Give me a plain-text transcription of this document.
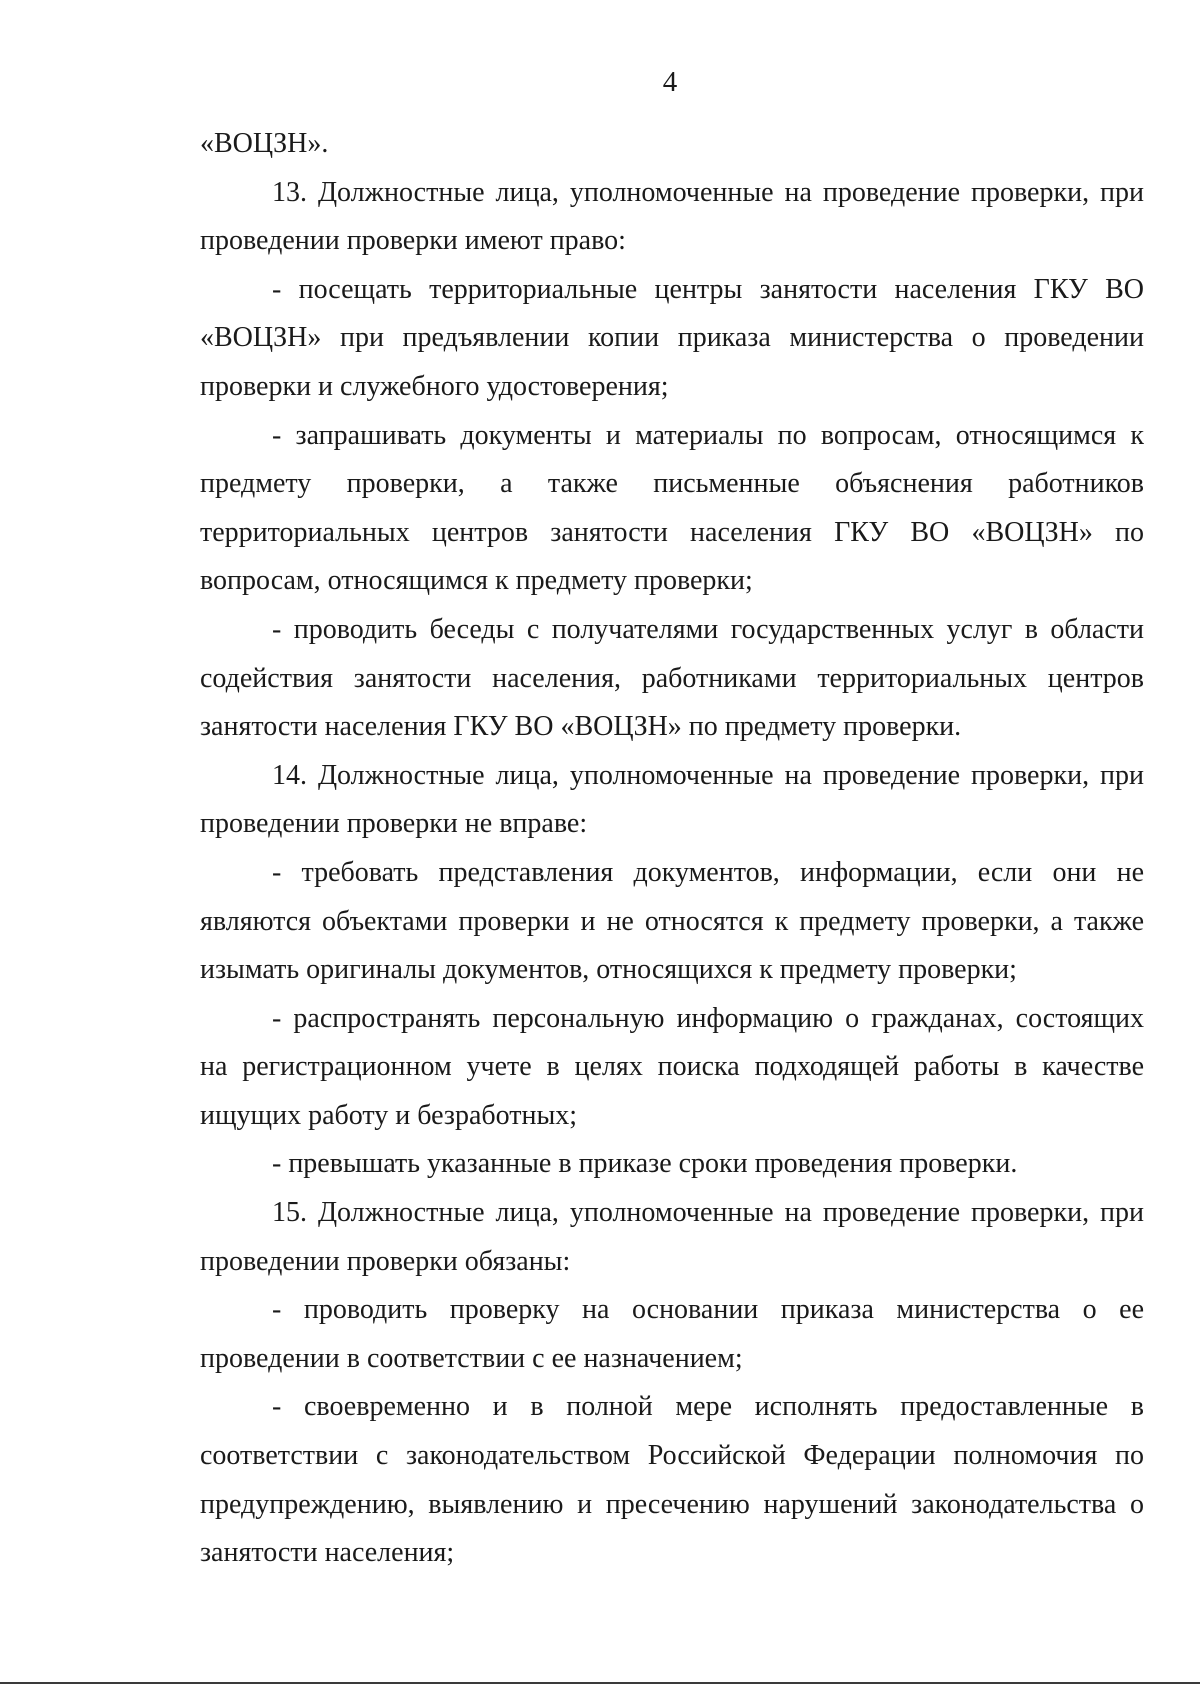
4

«ВОЦЗН».

13. Должностные лица, уполномоченные на проведение проверки, при проведении проверки имеют право:

- посещать территориальные центры занятости населения ГКУ ВО «ВОЦЗН» при предъявлении копии приказа министерства о проведении проверки и служебного удостоверения;

- запрашивать документы и материалы по вопросам, относящимся к предмету проверки, а также письменные объяснения работников территориальных центров занятости населения ГКУ ВО «ВОЦЗН» по вопросам, относящимся к предмету проверки;

- проводить беседы с получателями государственных услуг в области содействия занятости населения, работниками территориальных центров занятости населения ГКУ ВО «ВОЦЗН» по предмету проверки.

14. Должностные лица, уполномоченные на проведение проверки, при проведении проверки не вправе:

- требовать представления документов, информации, если они не являются объектами проверки и не относятся к предмету проверки, а также изымать оригиналы документов, относящихся к предмету проверки;

- распространять персональную информацию о гражданах, состоящих на регистрационном учете в целях поиска подходящей работы в качестве ищущих работу и безработных;

- превышать указанные в приказе сроки проведения проверки.

15. Должностные лица, уполномоченные на проведение проверки, при проведении проверки обязаны:

- проводить проверку на основании приказа министерства о ее проведении в соответствии с ее назначением;

- своевременно и в полной мере исполнять предоставленные в соответствии с законодательством Российской Федерации полномочия по предупреждению, выявлению и пресечению нарушений законодательства о занятости населения;
